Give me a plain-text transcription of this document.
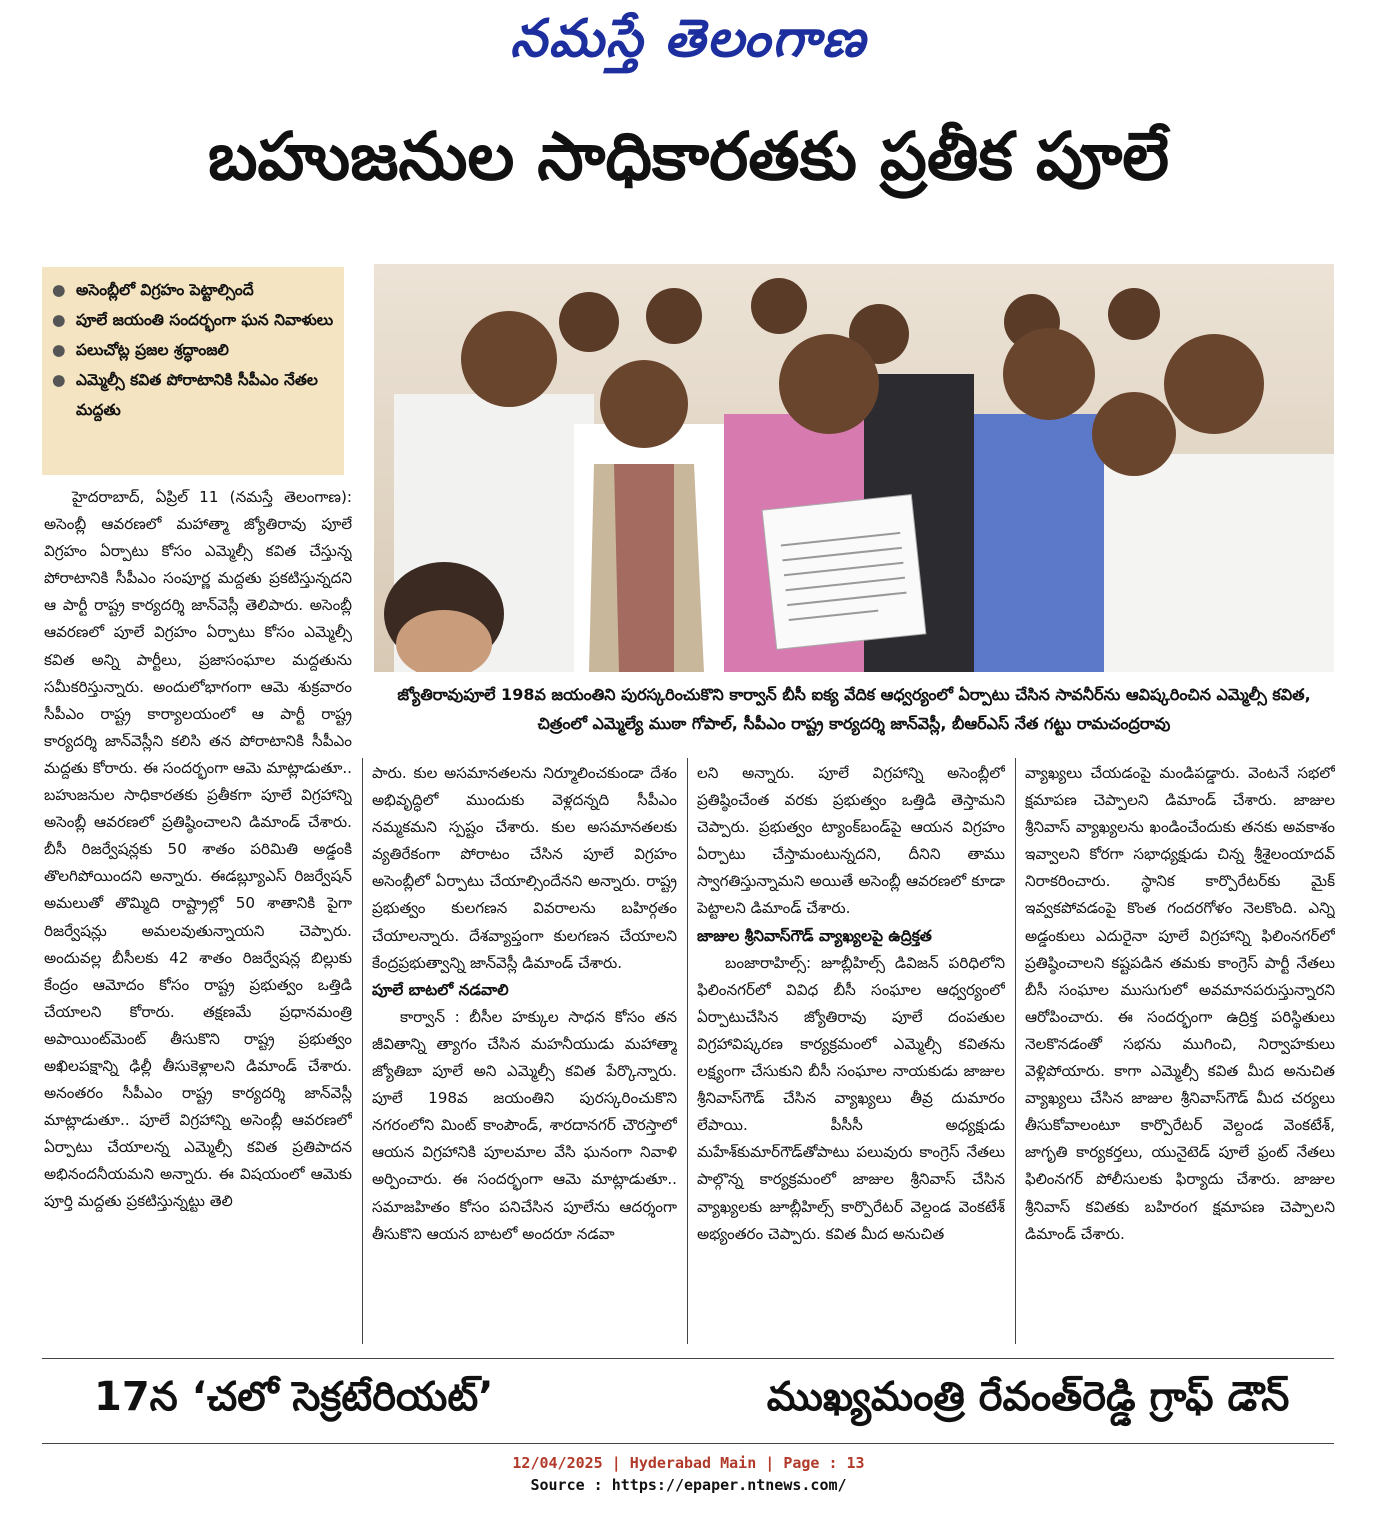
నమస్తే తెలంగాణ
బహుజనుల సాధికారతకు ప్రతీక పూలే
● అసెంబ్లీలో విగ్రహం పెట్టాల్సిందే
● పూలే జయంతి సందర్భంగా ఘన నివాళులు
● పలుచోట్ల ప్రజల శ్రద్ధాంజలి
● ఎమ్మెల్సీ కవిత పోరాటానికి సీపీఎం నేతల మద్దతు
జ్యోతిరావుపూలే 198వ జయంతిని పురస్కరించుకొని కార్వాన్ బీసీ ఐక్య వేదిక ఆధ్వర్యంలో ఏర్పాటు చేసిన సావనీర్‌ను ఆవిష్కరించిన ఎమ్మెల్సీ కవిత, చిత్రంలో ఎమ్మెల్యే ముఠా గోపాల్, సీపీఎం రాష్ట్ర కార్యదర్శి జాన్‌వెస్లీ, బీఆర్ఎస్ నేత గట్టు రామచంద్రరావు

హైదరాబాద్, ఏప్రిల్ 11 (నమస్తే తెలంగాణ): అసెంబ్లీ ఆవరణలో మహాత్మా జ్యోతిరావు పూలే విగ్రహం ఏర్పాటు కోసం ఎమ్మెల్సీ కవిత చేస్తున్న పోరాటానికి సీపీఎం సంపూర్ణ మద్దతు ప్రకటిస్తున్నదని ఆ పార్టీ రాష్ట్ర కార్యదర్శి జాన్‌వెస్లీ తెలిపారు. అసెంబ్లీ ఆవరణలో పూలే విగ్రహం ఏర్పాటు కోసం ఎమ్మెల్సీ కవిత అన్ని పార్టీలు, ప్రజాసంఘాల మద్దతును సమీకరిస్తున్నారు. అందులోభాగంగా ఆమె శుక్రవారం సీపీఎం రాష్ట్ర కార్యాలయంలో ఆ పార్టీ రాష్ట్ర కార్యదర్శి జాన్‌వెస్లీని కలిసి తన పోరాటానికి సీపీఎం మద్దతు కోరారు. ఈ సందర్భంగా ఆమె మాట్లాడుతూ.. బహుజనుల సాధికారతకు ప్రతీకగా పూలే విగ్రహాన్ని అసెంబ్లీ ఆవరణలో ప్రతిష్ఠించాలని డిమాండ్ చేశారు. బీసీ రిజర్వేషన్లకు 50 శాతం పరిమితి అడ్డంకి తొలగిపోయిందని అన్నారు. ఈడబ్ల్యూఎస్ రిజర్వేషన్ అమలుతో తొమ్మిది రాష్ట్రాల్లో 50 శాతానికి పైగా రిజర్వేషన్లు అమలవుతున్నాయని చెప్పారు. అందువల్ల బీసీలకు 42 శాతం రిజర్వేషన్ల బిల్లుకు కేంద్రం ఆమోదం కోసం రాష్ట్ర ప్రభుత్వం ఒత్తిడి చేయాలని కోరారు. తక్షణమే ప్రధానమంత్రి అపాయింట్‌మెంట్ తీసుకొని రాష్ట్ర ప్రభుత్వం అఖిలపక్షాన్ని ఢిల్లీ తీసుకెళ్లాలని డిమాండ్ చేశారు. అనంతరం సీపీఎం రాష్ట్ర కార్యదర్శి జాన్‌వెస్లీ మాట్లాడుతూ.. పూలే విగ్రహాన్ని అసెంబ్లీ ఆవరణలో ఏర్పాటు చేయాలన్న ఎమ్మెల్సీ కవిత ప్రతిపాదన అభినందనీయమని అన్నారు. ఈ విషయంలో ఆమెకు పూర్తి మద్దతు ప్రకటిస్తున్నట్టు తెలి

పారు. కుల అసమానతలను నిర్మూలించకుండా దేశం అభివృద్ధిలో ముందుకు వెళ్లదన్నది సీపీఎం నమ్మకమని స్పష్టం చేశారు. కుల అసమానతలకు వ్యతిరేకంగా పోరాటం చేసిన పూలే విగ్రహం అసెంబ్లీలో ఏర్పాటు చేయాల్సిందేనని అన్నారు. రాష్ట్ర ప్రభుత్వం కులగణన వివరాలను బహిర్గతం చేయాలన్నారు. దేశవ్యాప్తంగా కులగణన చేయాలని కేంద్రప్రభుత్వాన్ని జాన్‌వెస్లీ డిమాండ్ చేశారు.

పూలే బాటలో నడవాలి

కార్వాన్ : బీసీల హక్కుల సాధన కోసం తన జీవితాన్ని త్యాగం చేసిన మహనీయుడు మహాత్మా జ్యోతిబా పూలే అని ఎమ్మెల్సీ కవిత పేర్కొన్నారు. పూలే 198వ జయంతిని పురస్కరించుకొని నగరంలోని మింట్ కాంపౌండ్, శారదానగర్ చౌరస్తాలో ఆయన విగ్రహానికి పూలమాల వేసి ఘనంగా నివాళి అర్పించారు. ఈ సందర్భంగా ఆమె మాట్లాడుతూ.. సమాజహితం కోసం పనిచేసిన పూలేను ఆదర్శంగా తీసుకొని ఆయన బాటలో అందరూ నడవా

లని అన్నారు. పూలే విగ్రహాన్ని అసెంబ్లీలో ప్రతిష్ఠించేంత వరకు ప్రభుత్వం ఒత్తిడి తెస్తామని చెప్పారు. ప్రభుత్వం ట్యాంక్‌బండ్‌పై ఆయన విగ్రహం ఏర్పాటు చేస్తామంటున్నదని, దీనిని తాము స్వాగతిస్తున్నామని అయితే అసెంబ్లీ ఆవరణలో కూడా పెట్టాలని డిమాండ్ చేశారు.

జాజుల శ్రీనివాస్‌గౌడ్ వ్యాఖ్యలపై ఉద్రిక్తత

బంజారాహిల్స్: జూబ్లీహిల్స్ డివిజన్ పరిధిలోని ఫిలింనగర్‌లో వివిధ బీసీ సంఘాల ఆధ్వర్యంలో ఏర్పాటుచేసిన జ్యోతిరావు పూలే దంపతుల విగ్రహావిష్కరణ కార్యక్రమంలో ఎమ్మెల్సీ కవితను లక్ష్యంగా చేసుకుని బీసీ సంఘాల నాయకుడు జాజుల శ్రీనివాస్‌గౌడ్ చేసిన వ్యాఖ్యలు తీవ్ర దుమారం లేపాయి. పీసీసీ అధ్యక్షుడు మహేశ్‌కుమార్‌గౌడ్‌తోపాటు పలువురు కాంగ్రెస్ నేతలు పాల్గొన్న కార్యక్రమంలో జాజుల శ్రీనివాస్ చేసిన వ్యాఖ్యలకు జూబ్లీహిల్స్ కార్పొరేటర్ వెల్దండ వెంకటేశ్ అభ్యంతరం చెప్పారు. కవిత మీద అనుచిత

వ్యాఖ్యలు చేయడంపై మండిపడ్డారు. వెంటనే సభలో క్షమాపణ చెప్పాలని డిమాండ్ చేశారు. జాజుల శ్రీనివాస్ వ్యాఖ్యలను ఖండించేందుకు తనకు అవకాశం ఇవ్వాలని కోరగా సభాధ్యక్షుడు చిన్న శ్రీశైలంయాదవ్ నిరాకరించారు. స్థానిక కార్పొరేటర్‌కు మైక్ ఇవ్వకపోవడంపై కొంత గందరగోళం నెలకొంది. ఎన్ని అడ్డంకులు ఎదురైనా పూలే విగ్రహాన్ని ఫిలింనగర్‌లో ప్రతిష్ఠించాలని కష్టపడిన తమకు కాంగ్రెస్ పార్టీ నేతలు బీసీ సంఘాల ముసుగులో అవమానపరుస్తున్నారని ఆరోపించారు. ఈ సందర్భంగా ఉద్రిక్త పరిస్థితులు నెలకొనడంతో సభను ముగించి, నిర్వాహకులు వెళ్లిపోయారు. కాగా ఎమ్మెల్సీ కవిత మీద అనుచిత వ్యాఖ్యలు చేసిన జాజుల శ్రీనివాస్‌గౌడ్ మీద చర్యలు తీసుకోవాలంటూ కార్పొరేటర్ వెల్దండ వెంకటేశ్, జాగృతి కార్యకర్తలు, యునైటెడ్ పూలే ఫ్రంట్ నేతలు ఫిలింనగర్ పోలీసులకు ఫిర్యాదు చేశారు. జాజుల శ్రీనివాస్ కవితకు బహిరంగ క్షమాపణ చెప్పాలని డిమాండ్ చేశారు.

17న ‘చలో సెక్రటేరియట్’	ముఖ్యమంత్రి రేవంత్‌రెడ్డి గ్రాఫ్ డౌన్
12/04/2025 | Hyderabad Main | Page : 13
Source : https://epaper.ntnews.com/
